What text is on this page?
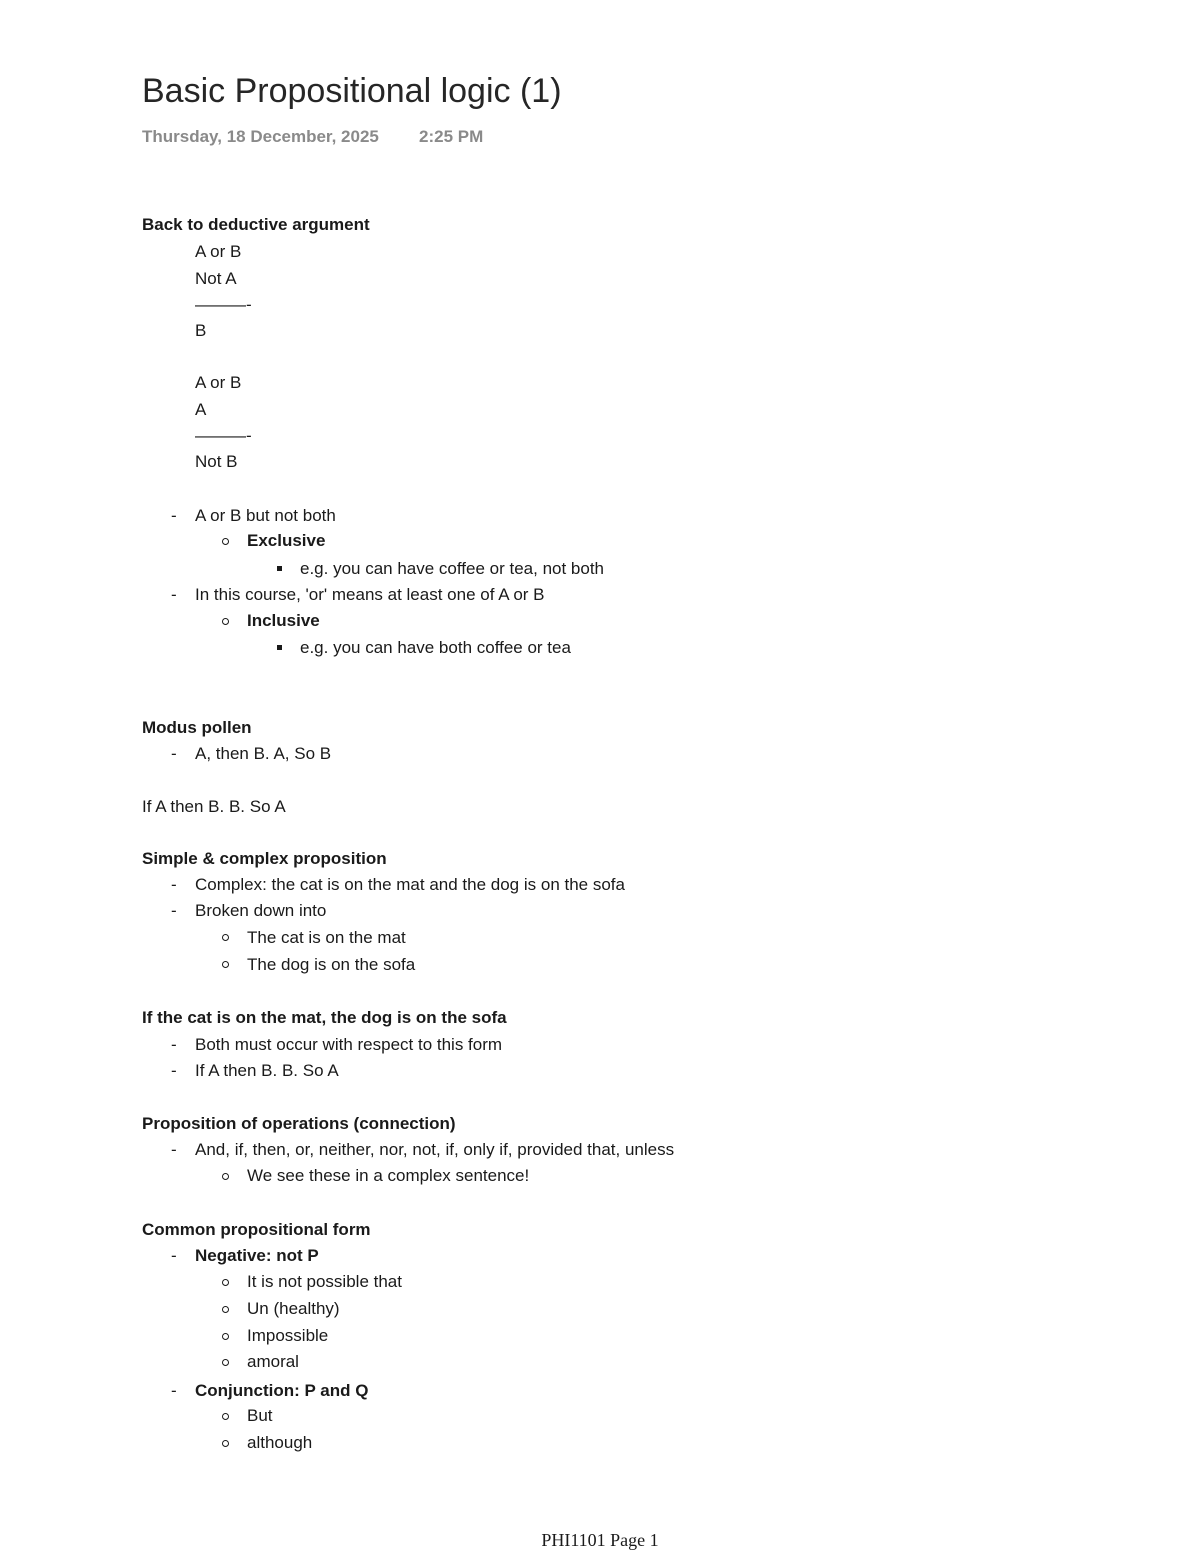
Basic Propositional logic (1)
Thursday, 18 December, 2025 2:25 PM
Back to deductive argument
A or B
Not A
———-
B
A or B
A
———-
Not B
- A or B but not both
Exclusive
e.g. you can have coffee or tea, not both
- In this course, 'or' means at least one of A or B
Inclusive
e.g. you can have both coffee or tea
Modus pollen
- A, then B. A, So B
If A then B. B. So A
Simple & complex proposition
- Complex: the cat is on the mat and the dog is on the sofa
- Broken down into
The cat is on the mat
The dog is on the sofa
If the cat is on the mat, the dog is on the sofa
- Both must occur with respect to this form
- If A then B. B. So A
Proposition of operations (connection)
- And, if, then, or, neither, nor, not, if, only if, provided that, unless
We see these in a complex sentence!
Common propositional form
- Negative: not P
It is not possible that
Un (healthy)
Impossible
amoral
- Conjunction: P and Q
But
although
PHI1101 Page 1
